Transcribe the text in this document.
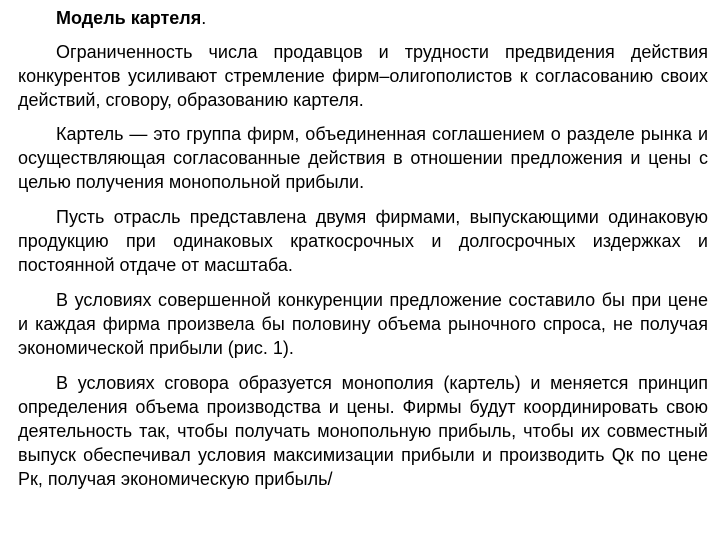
Модель картеля.

Ограниченность числа продавцов и трудности предвидения действия конкурентов усиливают стремление фирм–олигополистов к согласованию своих действий, сговору, образованию картеля.

Картель — это группа фирм, объединенная соглашением о разделе рынка и осуществляющая согласованные действия в отношении предложения и цены с целью получения монопольной прибыли.

Пусть отрасль представлена двумя фирмами, выпускающими одинаковую продукцию при одинаковых краткосрочных и долгосрочных издержках и постоянной отдаче от масштаба.

В условиях совершенной конкуренции предложение составило бы при цене и каждая фирма произвела бы половину объема рыночного спроса, не получая экономической прибыли (рис. 1).

В условиях сговора образуется монополия (картель) и меняется принцип определения объема производства и цены. Фирмы будут координировать свою деятельность так, чтобы получать монопольную прибыль, чтобы их совместный выпуск обеспечивал условия максимизации прибыли и производить Qк по цене Рк, получая экономическую прибыль/
